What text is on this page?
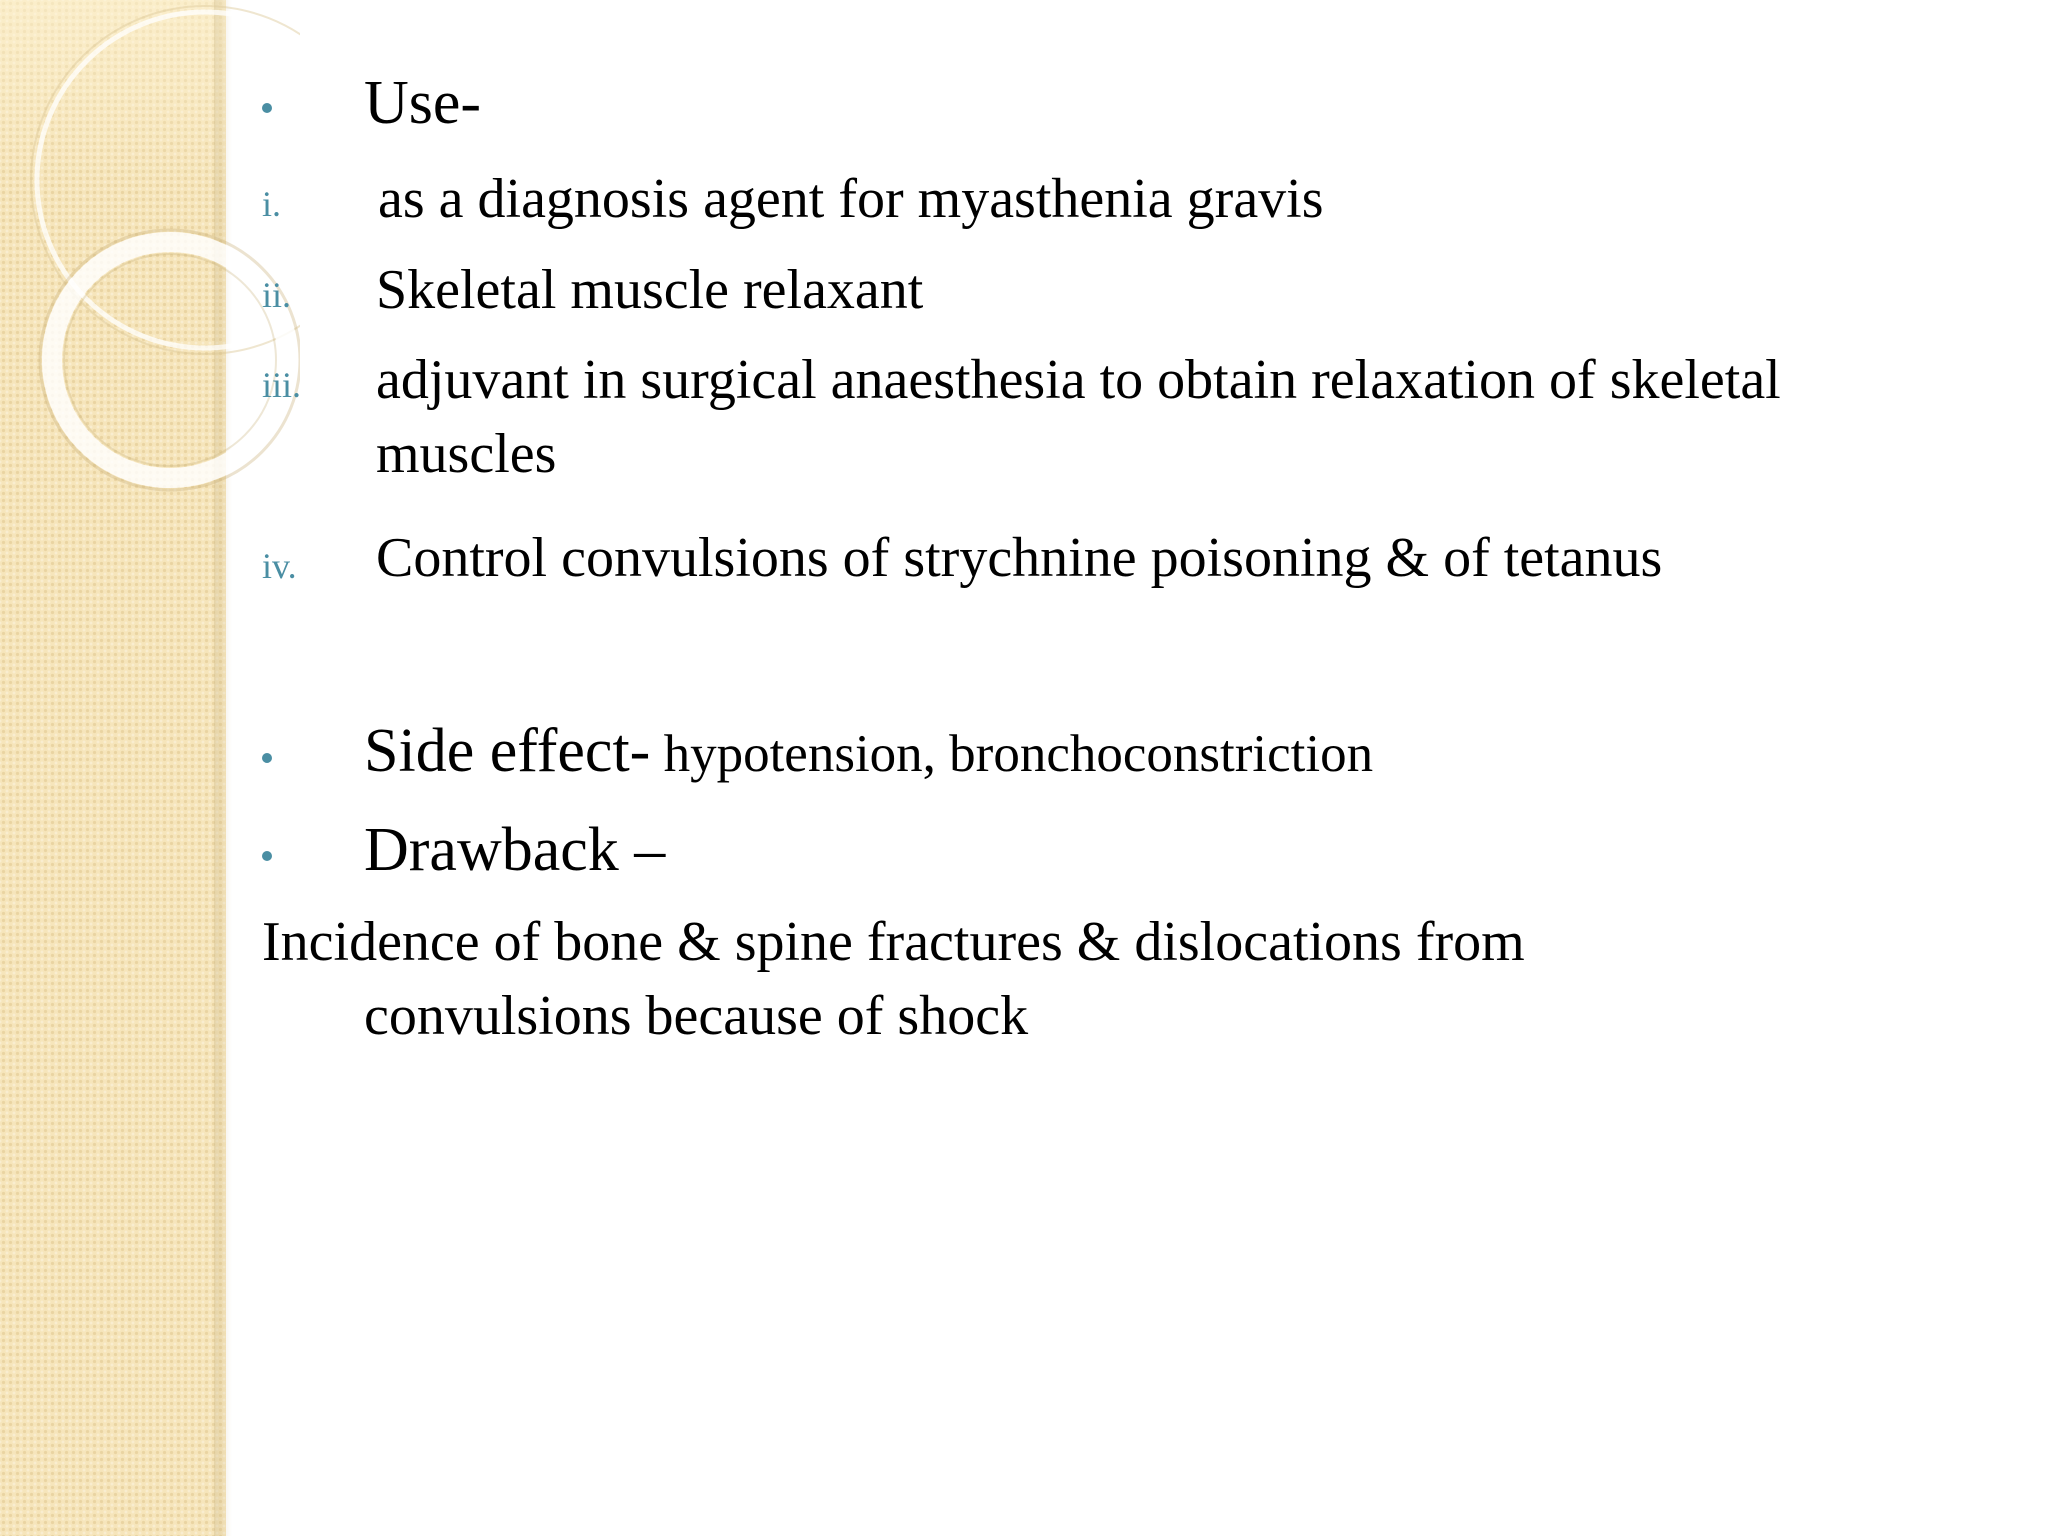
Use-
i. as a diagnosis agent for myasthenia gravis
ii. Skeletal muscle relaxant
iii. adjuvant in surgical anaesthesia to obtain relaxation of skeletal
muscles
iv. Control convulsions of strychnine poisoning & of tetanus
Side effect- hypotension, bronchoconstriction
Drawback –
Incidence of bone & spine fractures & dislocations from
convulsions because of shock
